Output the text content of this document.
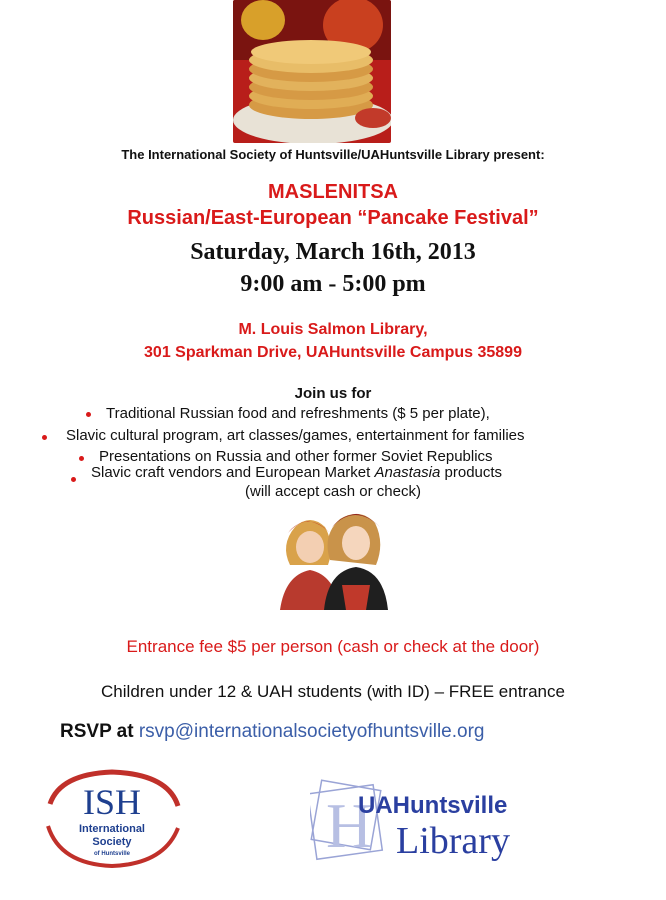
The International Society of Huntsville/UAHuntsville Library present:
MASLENITSA
Russian/East-European “Pancake Festival”
Saturday, March 16th, 2013
9:00 am - 5:00 pm
M. Louis Salmon Library,
301 Sparkman Drive, UAHuntsville Campus 35899
Join us for
Traditional Russian food and refreshments ($ 5 per plate),
Slavic cultural program, art classes/games, entertainment for families
Presentations on Russia and other former Soviet Republics
Slavic craft vendors and European Market Anastasia products
(will accept cash or check)
Entrance fee $5 per person (cash or check at the door)
Children under 12 & UAH students (with ID) – FREE entrance
RSVP at rsvp@internationalsocietyofhuntsville.org
ISH
International
Society
of Huntsville	H
UAHuntsville
Library
